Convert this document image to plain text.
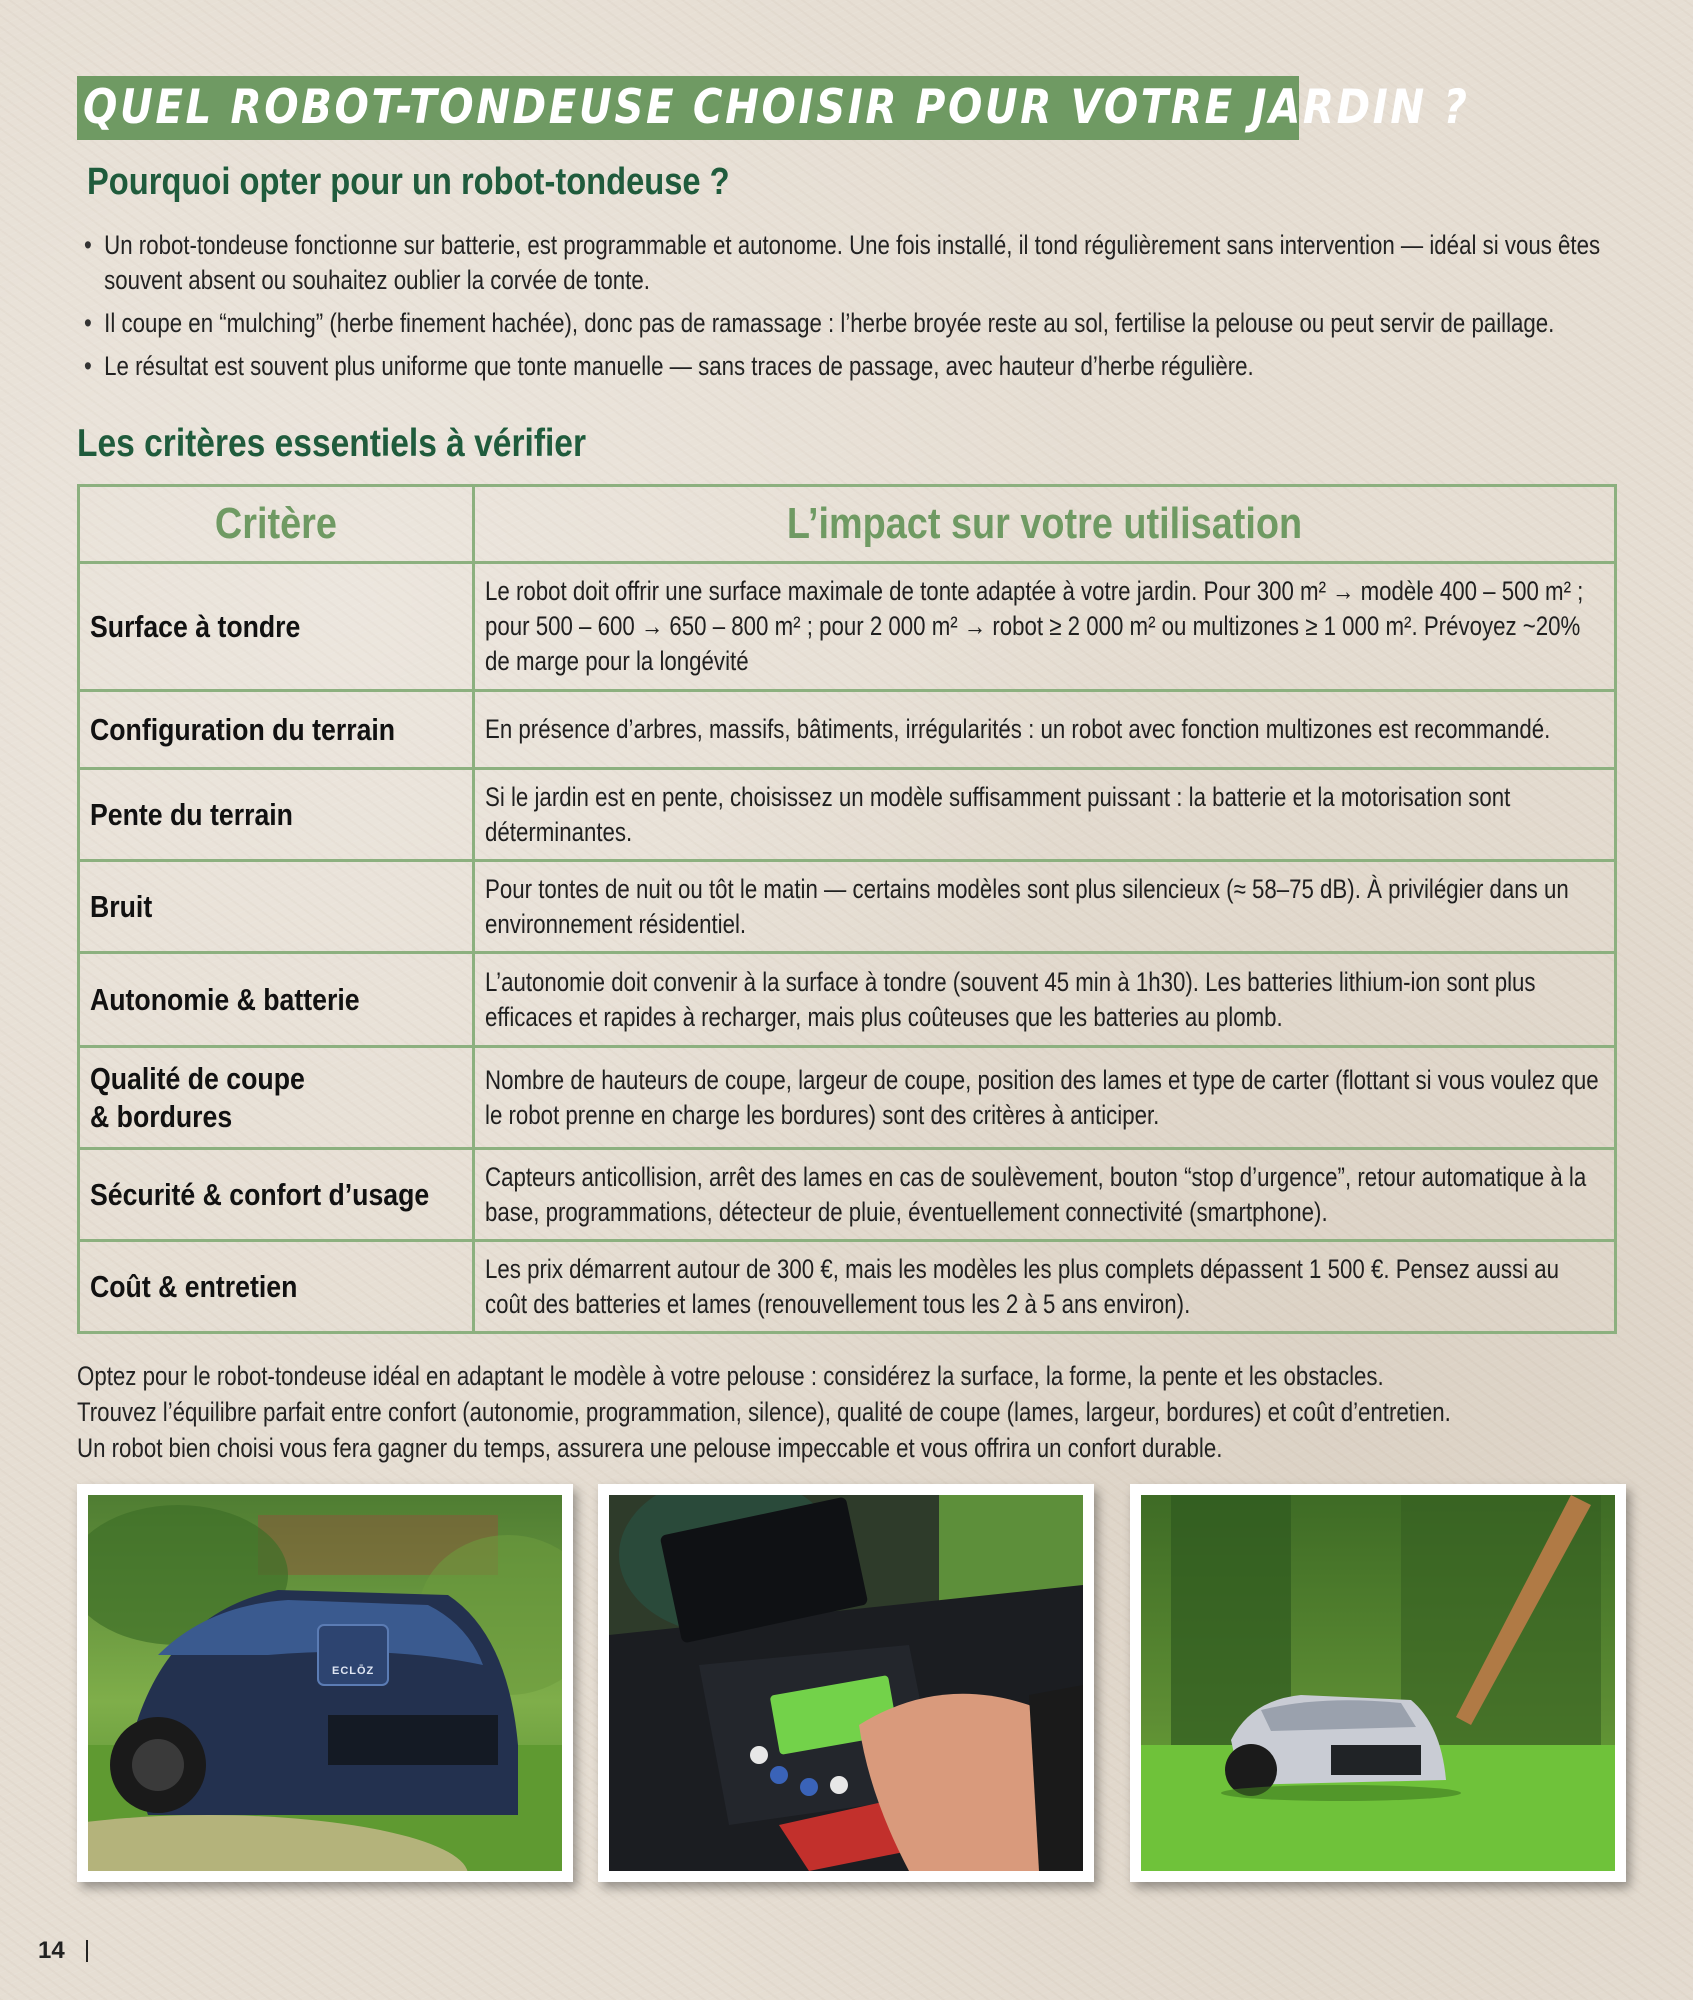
QUEL ROBOT-TONDEUSE CHOISIR POUR VOTRE JARDIN ?
Pourquoi opter pour un robot-tondeuse ?
• Un robot-tondeuse fonctionne sur batterie, est programmable et autonome. Une fois installé, il tond régulièrement sans intervention — idéal si vous êtes souvent absent ou souhaitez oublier la corvée de tonte.
• Il coupe en “mulching” (herbe finement hachée), donc pas de ramassage : l’herbe broyée reste au sol, fertilise la pelouse ou peut servir de paillage.
• Le résultat est souvent plus uniforme que tonte manuelle — sans traces de passage, avec hauteur d’herbe régulière.
Les critères essentiels à vérifier
Critère	L’impact sur votre utilisation

Surface à tondre	Le robot doit offrir une surface maximale de tonte adaptée à votre jardin. Pour 300 m² → modèle 400 – 500 m² ; pour 500 – 600 → 650 – 800 m² ; pour 2 000 m² → robot ≥ 2 000 m² ou multizones ≥ 1 000 m². Prévoyez ~20% de marge pour la longévité

Configuration du terrain	En présence d’arbres, massifs, bâtiments, irrégularités : un robot avec fonction multizones est recommandé.

Pente du terrain	Si le jardin est en pente, choisissez un modèle suffisamment puissant : la batterie et la motorisation sont déterminantes.

Bruit	Pour tontes de nuit ou tôt le matin — certains modèles sont plus silencieux (≈ 58–75 dB). À privilégier dans un environnement résidentiel.

Autonomie & batterie	L’autonomie doit convenir à la surface à tondre (souvent 45 min à 1h30). Les batteries lithium-ion sont plus efficaces et rapides à recharger, mais plus coûteuses que les batteries au plomb.

Qualité de coupe
& bordures	Nombre de hauteurs de coupe, largeur de coupe, position des lames et type de carter (flottant si vous voulez que le robot prenne en charge les bordures) sont des critères à anticiper.

Sécurité & confort d’usage	Capteurs anticollision, arrêt des lames en cas de soulèvement, bouton “stop d’urgence”, retour automatique à la base, programmations, détecteur de pluie, éventuellement connectivité (smartphone).

Coût & entretien	Les prix démarrent autour de 300 €, mais les modèles les plus complets dépassent 1 500 €. Pensez aussi au coût des batteries et lames (renouvellement tous les 2 à 5 ans environ).
Optez pour le robot-tondeuse idéal en adaptant le modèle à votre pelouse : considérez la surface, la forme, la pente et les obstacles.
Trouvez l’équilibre parfait entre confort (autonomie, programmation, silence), qualité de coupe (lames, largeur, bordures) et coût d’entretien.
Un robot bien choisi vous fera gagner du temps, assurera une pelouse impeccable et vous offrira un confort durable.
ECLŌZ
14
